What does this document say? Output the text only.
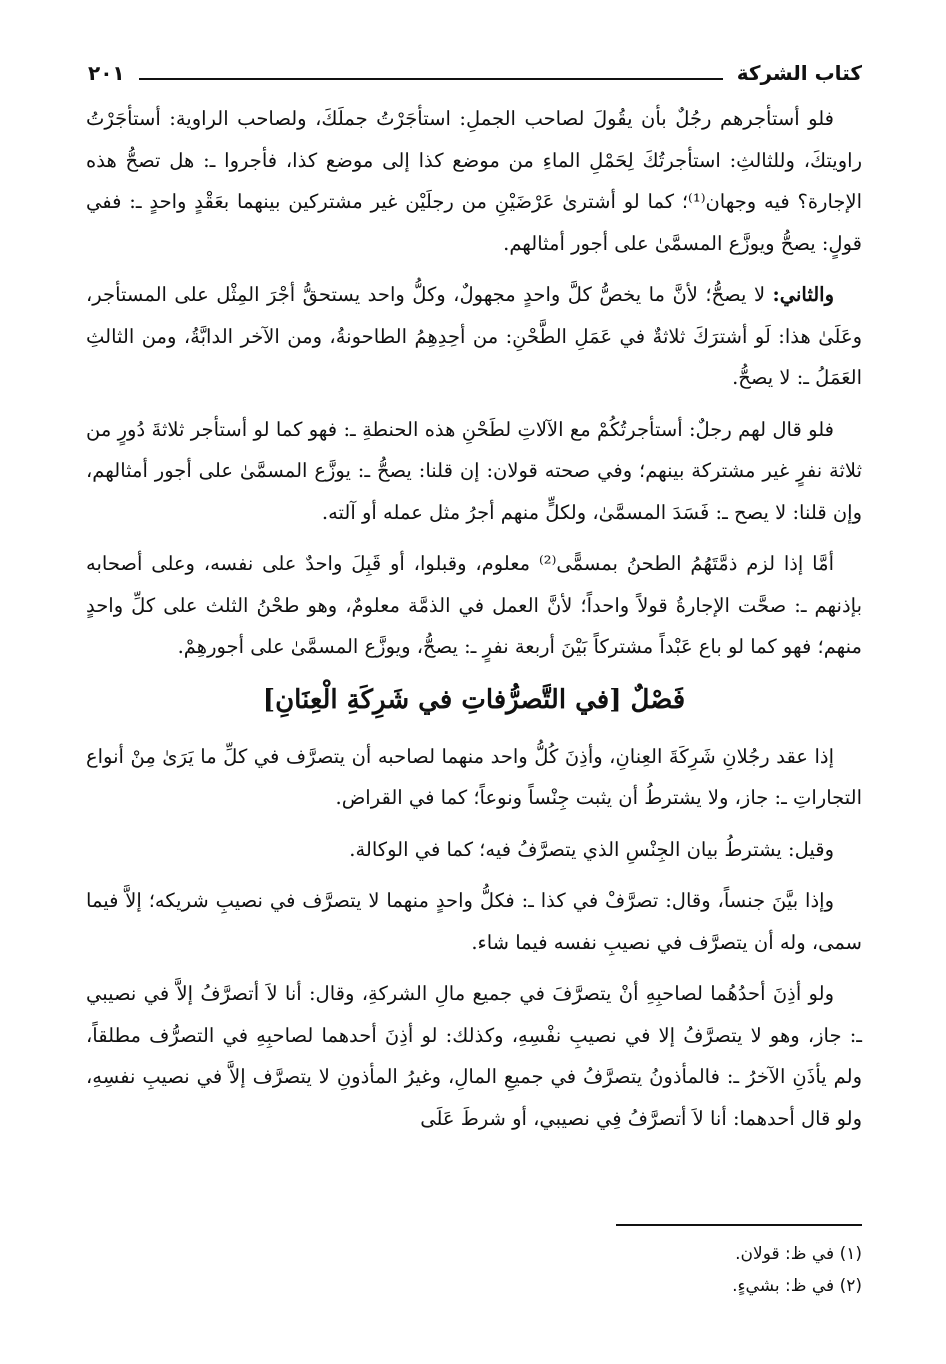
كتاب الشركة
٢٠١

فلو أستأجرهم رجُلٌ بأن يقُولَ لصاحب الجملِ: استأجَرْتُ جملَكَ، ولصاحب الراوية: أستأجَرْتُ راويتكَ، وللثالثِ: استأجرتُكَ لِحَمْلِ الماءِ من موضع كذا إلى موضع كذا، فأجروا ـ: هل تصحُّ هذه الإجارة؟ فيه وجهان⁽¹⁾؛ كما لو أشترىٰ عَرْضَيْنِ من رجلَيْن غير مشتركين بينهما بعَقْدٍ واحدٍ ـ: ففي قولٍ: يصحُّ ويوزَّع المسمَّىٰ على أجور أمثالهم.

والثاني: لا يصحُّ؛ لأنَّ ما يخصُّ كلَّ واحدٍ مجهولٌ، وكلُّ واحد يستحقُّ أجْرَ المِثْل على المستأجر، وعَلَىٰ هذا: لَو أشترَكَ ثلاثةٌ في عَمَلِ الطَّحْنِ: من أحِدِهِمُ الطاحونةُ، ومن الآخر الدابَّةُ، ومن الثالثِ العَمَلُ ـ: لا يصحُّ.

فلو قال لهم رجلٌ: أستأجرتُكُمْ مع الآلاتِ لطَحْنِ هذه الحنطةِ ـ: فهو كما لو أستأجر ثلاثةَ دُورٍ من ثلاثة نفرٍ غير مشتركة بينهم؛ وفي صحته قولان: إن قلنا: يصحُّ ـ: يوزَّع المسمَّىٰ على أجور أمثالهم، وإن قلنا: لا يصح ـ: فَسَدَ المسمَّىٰ، ولكلٍّ منهم أجرُ مثل عمله أو آلته.

أمَّا إذا لزم ذمَّتَهُمُ الطحنُ بمسمًّى⁽²⁾ معلوم، وقبلوا، أو قَبِلَ واحدٌ على نفسه، وعلى أصحابه بإذنهم ـ: صحَّت الإجارةُ قولاً واحداً؛ لأنَّ العمل في الذمَّة معلومٌ، وهو طحْنُ الثلث على كلِّ واحدٍ منهم؛ فهو كما لو باع عَبْداً مشتركاً بَيْنَ أربعة نفرٍ ـ: يصحُّ، ويوزَّع المسمَّىٰ على أجورهِمْ.

فَصْلٌ [في التَّصرُّفاتِ في شَرِكَةِ الْعِنَانِ]

إذا عقد رجُلانِ شَرِكَةَ العِنانِ، وأذِنَ كُلُّ واحد منهما لصاحبه أن يتصرَّف في كلِّ ما يَرَىٰ مِنْ أنواع التجاراتِ ـ: جاز، ولا يشترطُ أن يثبت جِنْساً ونوعاً؛ كما في القراض.

وقيل: يشترطُ بيان الجِنْسِ الذي يتصرَّفُ فيه؛ كما في الوكالة.

وإذا بيَّنَ جنساً، وقال: تصرَّفْ في كذا ـ: فكلُّ واحدٍ منهما لا يتصرَّف في نصيبِ شريكه؛ إلاَّ فيما سمى، وله أن يتصرَّف في نصيبِ نفسه فيما شاء.

ولو أذِنَ أحدُهُما لصاحبِهِ أنْ يتصرَّفَ في جميع مالِ الشركةِ، وقال: أنا لاَ أتصرَّفُ إلاَّ في نصيبي ـ: جاز، وهو لا يتصرَّفُ إلا في نصيبِ نفْسِهِ، وكذلك: لو أذِنَ أحدهما لصاحبِهِ في التصرُّف مطلقاً، ولم يأذَنِ الآخرُ ـ: فالمأذونُ يتصرَّفُ في جميعِ المالِ، وغيرُ المأذونِ لا يتصرَّف إلاَّ في نصيبِ نفسِهِ، ولو قال أحدهما: أنا لاَ أتصرَّفُ فِي نصيبي، أو شرطَ عَلَى

(١) في ظ: قولان.
(٢) في ظ: بشيءٍ.
